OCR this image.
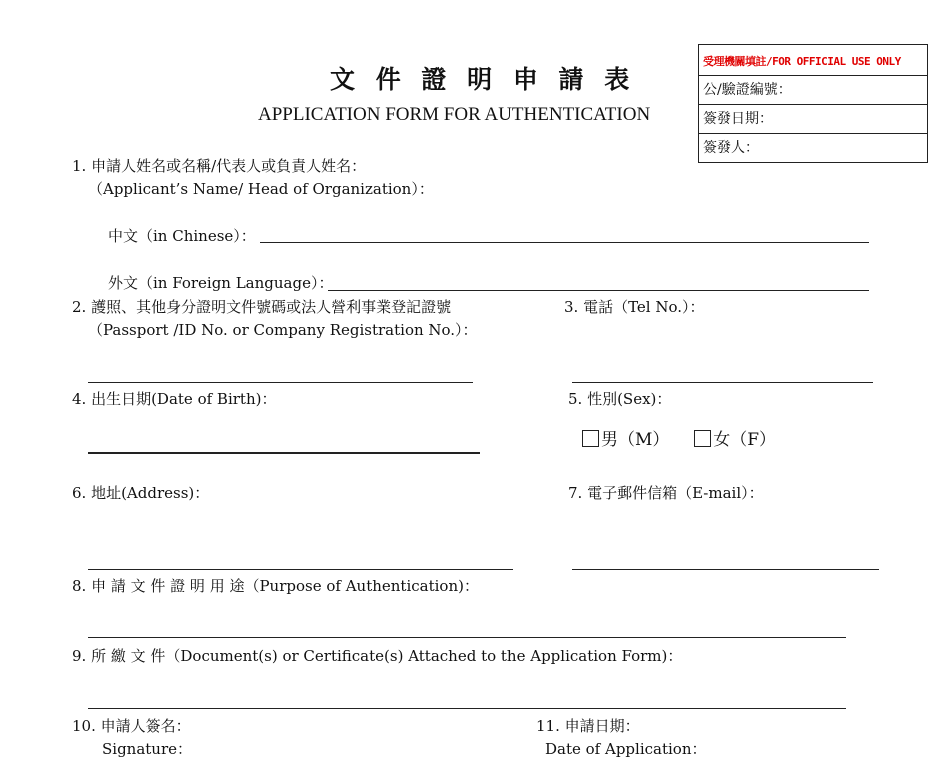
文 件 證 明 申 請 表
APPLICATION FORM FOR AUTHENTICATION
受理機關填註/FOR OFFICIAL USE ONLY
公/驗證編號：
簽發日期：
簽發人：
1. 申請人姓名或名稱/代表人或負責人姓名：
（Applicant’s Name/ Head of Organization）：
中文（in Chinese）：
外文（in Foreign Language）：
2. 護照、其他身分證明文件號碼或法人營利事業登記證號
（Passport /ID No. or Company Registration No.）：
3. 電話（Tel No.）：
4. 出生日期(Date of Birth)：	5. 性別(Sex)：
男（M）	女（F）
6. 地址(Address)：	7. 電子郵件信箱（E-mail）：
8. 申 請 文 件 證 明 用 途（Purpose of Authentication)：
9. 所 繳 文 件（Document(s) or Certificate(s) Attached to the Application Form)：
10. 申請人簽名：
Signature：
11. 申請日期：
Date of Application：
